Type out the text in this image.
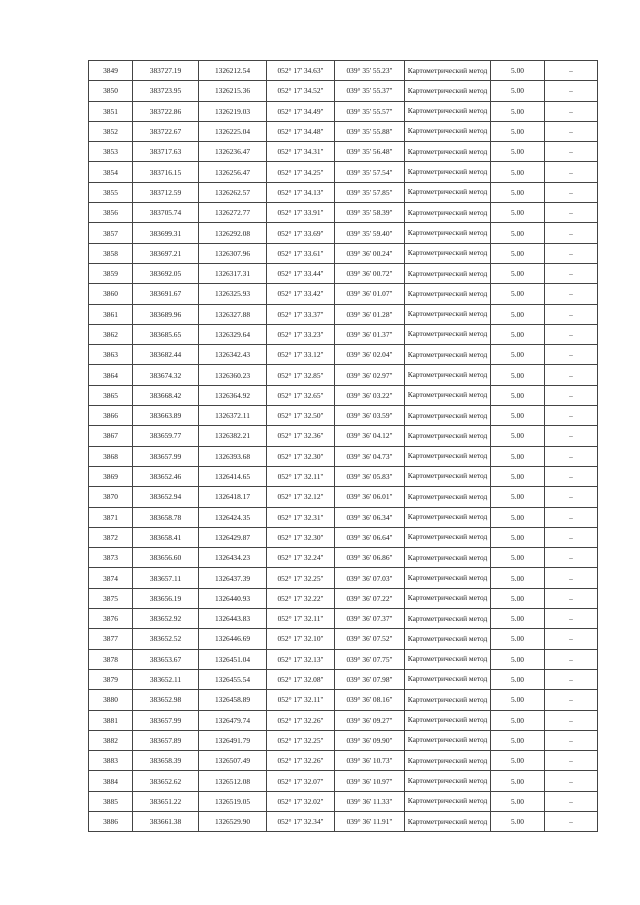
3849	383727.19	1326212.54	052° 17' 34.63"	039° 35' 55.23"	Картометрический метод	5.00	–
3850	383723.95	1326215.36	052° 17' 34.52"	039° 35' 55.37"	Картометрический метод	5.00	–
3851	383722.86	1326219.03	052° 17' 34.49"	039° 35' 55.57"	Картометрический метод	5.00	–
3852	383722.67	1326225.04	052° 17' 34.48"	039° 35' 55.88"	Картометрический метод	5.00	–
3853	383717.63	1326236.47	052° 17' 34.31"	039° 35' 56.48"	Картометрический метод	5.00	–
3854	383716.15	1326256.47	052° 17' 34.25"	039° 35' 57.54"	Картометрический метод	5.00	–
3855	383712.59	1326262.57	052° 17' 34.13"	039° 35' 57.85"	Картометрический метод	5.00	–
3856	383705.74	1326272.77	052° 17' 33.91"	039° 35' 58.39"	Картометрический метод	5.00	–
3857	383699.31	1326292.08	052° 17' 33.69"	039° 35' 59.40"	Картометрический метод	5.00	–
3858	383697.21	1326307.96	052° 17' 33.61"	039° 36' 00.24"	Картометрический метод	5.00	–
3859	383692.05	1326317.31	052° 17' 33.44"	039° 36' 00.72"	Картометрический метод	5.00	–
3860	383691.67	1326325.93	052° 17' 33.42"	039° 36' 01.07"	Картометрический метод	5.00	–
3861	383689.96	1326327.88	052° 17' 33.37"	039° 36' 01.28"	Картометрический метод	5.00	–
3862	383685.65	1326329.64	052° 17' 33.23"	039° 36' 01.37"	Картометрический метод	5.00	–
3863	383682.44	1326342.43	052° 17' 33.12"	039° 36' 02.04"	Картометрический метод	5.00	–
3864	383674.32	1326360.23	052° 17' 32.85"	039° 36' 02.97"	Картометрический метод	5.00	–
3865	383668.42	1326364.92	052° 17' 32.65"	039° 36' 03.22"	Картометрический метод	5.00	–
3866	383663.89	1326372.11	052° 17' 32.50"	039° 36' 03.59"	Картометрический метод	5.00	–
3867	383659.77	1326382.21	052° 17' 32.36"	039° 36' 04.12"	Картометрический метод	5.00	–
3868	383657.99	1326393.68	052° 17' 32.30"	039° 36' 04.73"	Картометрический метод	5.00	–
3869	383652.46	1326414.65	052° 17' 32.11"	039° 36' 05.83"	Картометрический метод	5.00	–
3870	383652.94	1326418.17	052° 17' 32.12"	039° 36' 06.01"	Картометрический метод	5.00	–
3871	383658.78	1326424.35	052° 17' 32.31"	039° 36' 06.34"	Картометрический метод	5.00	–
3872	383658.41	1326429.87	052° 17' 32.30"	039° 36' 06.64"	Картометрический метод	5.00	–
3873	383656.60	1326434.23	052° 17' 32.24"	039° 36' 06.86"	Картометрический метод	5.00	–
3874	383657.11	1326437.39	052° 17' 32.25"	039° 36' 07.03"	Картометрический метод	5.00	–
3875	383656.19	1326440.93	052° 17' 32.22"	039° 36' 07.22"	Картометрический метод	5.00	–
3876	383652.92	1326443.83	052° 17' 32.11"	039° 36' 07.37"	Картометрический метод	5.00	–
3877	383652.52	1326446.69	052° 17' 32.10"	039° 36' 07.52"	Картометрический метод	5.00	–
3878	383653.67	1326451.04	052° 17' 32.13"	039° 36' 07.75"	Картометрический метод	5.00	–
3879	383652.11	1326455.54	052° 17' 32.08"	039° 36' 07.98"	Картометрический метод	5.00	–
3880	383652.98	1326458.89	052° 17' 32.11"	039° 36' 08.16"	Картометрический метод	5.00	–
3881	383657.99	1326479.74	052° 17' 32.26"	039° 36' 09.27"	Картометрический метод	5.00	–
3882	383657.89	1326491.79	052° 17' 32.25"	039° 36' 09.90"	Картометрический метод	5.00	–
3883	383658.39	1326507.49	052° 17' 32.26"	039° 36' 10.73"	Картометрический метод	5.00	–
3884	383652.62	1326512.08	052° 17' 32.07"	039° 36' 10.97"	Картометрический метод	5.00	–
3885	383651.22	1326519.05	052° 17' 32.02"	039° 36' 11.33"	Картометрический метод	5.00	–
3886	383661.38	1326529.90	052° 17' 32.34"	039° 36' 11.91"	Картометрический метод	5.00	–
